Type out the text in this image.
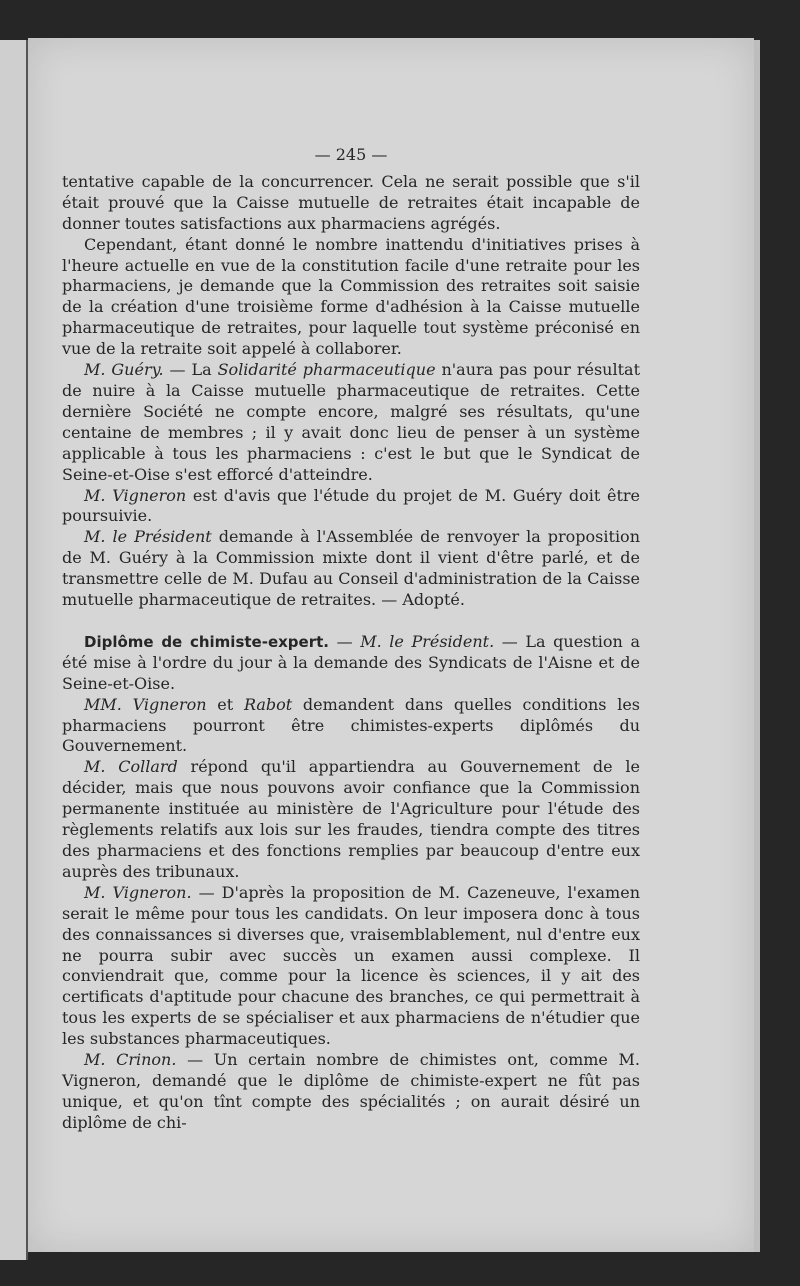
— 245 —

tentative capable de la concurrencer. Cela ne serait possible que s'il était prouvé que la Caisse mutuelle de retraites était incapable de donner toutes satisfactions aux pharmaciens agrégés.

Cependant, étant donné le nombre inattendu d'initiatives prises à l'heure actuelle en vue de la constitution facile d'une retraite pour les pharmaciens, je demande que la Commission des retraites soit saisie de la création d'une troisième forme d'adhésion à la Caisse mutuelle pharmaceutique de retraites, pour laquelle tout système préconisé en vue de la retraite soit appelé à collaborer.

M. Guéry. — La Solidarité pharmaceutique n'aura pas pour résultat de nuire à la Caisse mutuelle pharmaceutique de retraites. Cette dernière Société ne compte encore, malgré ses résultats, qu'une centaine de membres ; il y avait donc lieu de penser à un système applicable à tous les pharmaciens : c'est le but que le Syndicat de Seine-et-Oise s'est efforcé d'atteindre.

M. Vigneron est d'avis que l'étude du projet de M. Guéry doit être poursuivie.

M. le Président demande à l'Assemblée de renvoyer la proposition de M. Guéry à la Commission mixte dont il vient d'être parlé, et de transmettre celle de M. Dufau au Conseil d'administration de la Caisse mutuelle pharmaceutique de retraites. — Adopté.

Diplôme de chimiste-expert. — M. le Président. — La question a été mise à l'ordre du jour à la demande des Syndicats de l'Aisne et de Seine-et-Oise.

MM. Vigneron et Rabot demandent dans quelles conditions les pharmaciens pourront être chimistes-experts diplômés du Gouvernement.

M. Collard répond qu'il appartiendra au Gouvernement de le décider, mais que nous pouvons avoir confiance que la Commission permanente instituée au ministère de l'Agriculture pour l'étude des règlements relatifs aux lois sur les fraudes, tiendra compte des titres des pharmaciens et des fonctions remplies par beaucoup d'entre eux auprès des tribunaux.

M. Vigneron. — D'après la proposition de M. Cazeneuve, l'examen serait le même pour tous les candidats. On leur imposera donc à tous des connaissances si diverses que, vraisemblablement, nul d'entre eux ne pourra subir avec succès un examen aussi complexe. Il conviendrait que, comme pour la licence ès sciences, il y ait des certificats d'aptitude pour chacune des branches, ce qui permettrait à tous les experts de se spécialiser et aux pharmaciens de n'étudier que les substances pharmaceutiques.

M. Crinon. — Un certain nombre de chimistes ont, comme M. Vigneron, demandé que le diplôme de chimiste-expert ne fût pas unique, et qu'on tînt compte des spécialités ; on aurait désiré un diplôme de chi-
